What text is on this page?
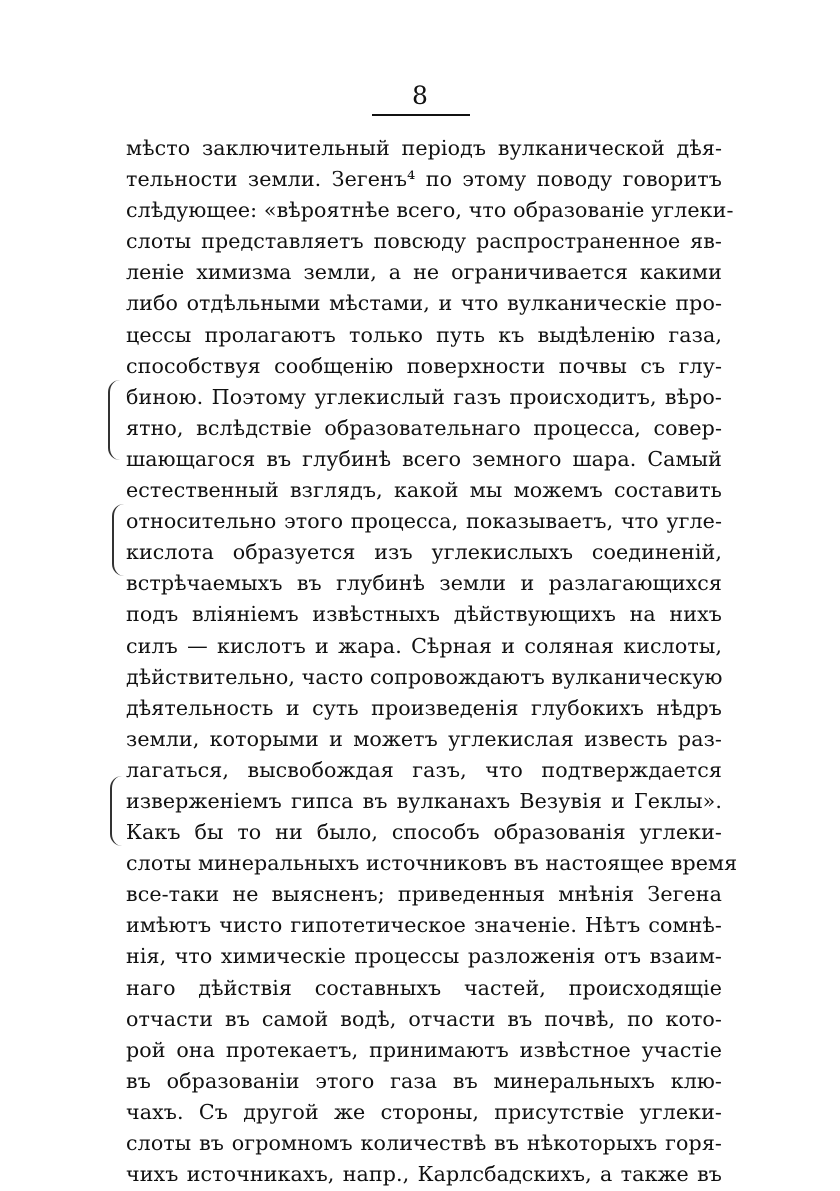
8
мѣсто заключительный періодъ вулканической дѣя-
тельности земли. Зегенъ⁴ по этому поводу говоритъ
слѣдующее: «вѣроятнѣе всего, что образованіе углеки-
слоты представляетъ повсюду распространенное яв-
леніе химизма земли, а не ограничивается какими
либо отдѣльными мѣстами, и что вулканическіе про-
цессы пролагаютъ только путь къ выдѣленію газа,
способствуя сообщенію поверхности почвы съ глу-
биною. Поэтому углекислый газъ происходитъ, вѣро-
ятно, вслѣдствіе образовательнаго процесса, совер-
шающагося въ глубинѣ всего земного шара. Самый
естественный взглядъ, какой мы можемъ составить
относительно этого процесса, показываетъ, что угле-
кислота образуется изъ углекислыхъ соединеній,
встрѣчаемыхъ въ глубинѣ земли и разлагающихся
подъ вліяніемъ извѣстныхъ дѣйствующихъ на нихъ
силъ — кислотъ и жара. Сѣрная и соляная кислоты,
дѣйствительно, часто сопровождаютъ вулканическую
дѣятельность и суть произведенія глубокихъ нѣдръ
земли, которыми и можетъ углекислая известь раз-
лагаться, высвобождая газъ, что подтверждается
изверженіемъ гипса въ вулканахъ Везувія и Геклы».
Какъ бы то ни было, способъ образованія углеки-
слоты минеральныхъ источниковъ въ настоящее время
все-таки не выясненъ; приведенныя мнѣнія Зегена
имѣютъ чисто гипотетическое значеніе. Нѣтъ сомнѣ-
нія, что химическіе процессы разложенія отъ взаим-
наго дѣйствія составныхъ частей, происходящіе
отчасти въ самой водѣ, отчасти въ почвѣ, по кото-
рой она протекаетъ, принимаютъ извѣстное участіе
въ образованіи этого газа въ минеральныхъ клю-
чахъ. Съ другой же стороны, присутствіе углеки-
слоты въ огромномъ количествѣ въ нѣкоторыхъ горя-
чихъ источникахъ, напр., Карлсбадскихъ, а также въ
